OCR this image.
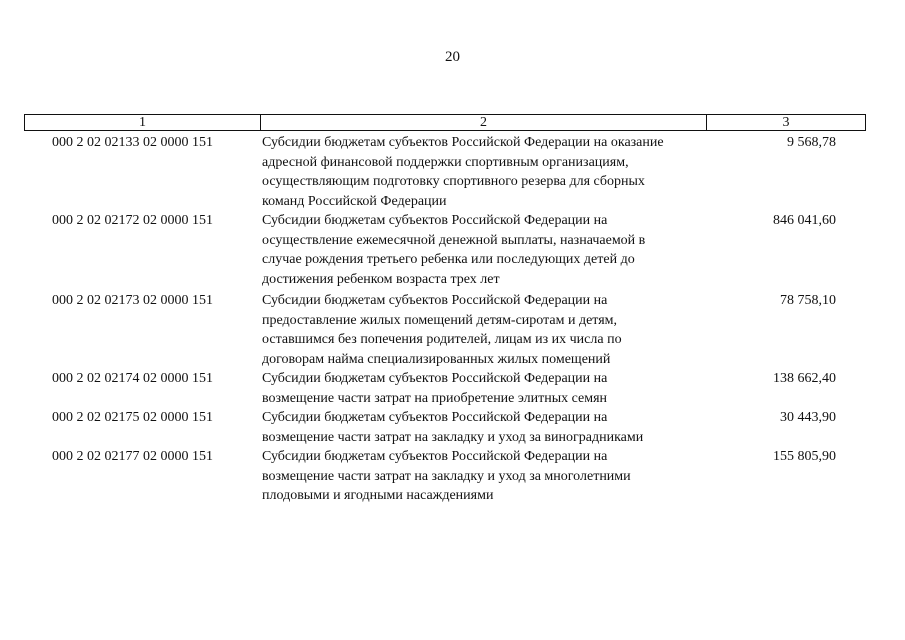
20
1	2	3
000 2 02 02133 02 0000 151	Субсидии бюджетам субъектов Российской Федерации на оказание
адресной финансовой поддержки спортивным организациям,
осуществляющим подготовку спортивного резерва для сборных
команд Российской Федерации
9 568,78
000 2 02 02172 02 0000 151	Субсидии бюджетам субъектов Российской Федерации на
осуществление ежемесячной денежной выплаты, назначаемой в
случае рождения третьего ребенка или последующих детей до
достижения ребенком возраста трех лет
846 041,60
000 2 02 02173 02 0000 151	Субсидии бюджетам субъектов Российской Федерации на
предоставление жилых помещений детям-сиротам и детям,
оставшимся без попечения родителей, лицам из их числа по
договорам найма специализированных жилых помещений
78 758,10
000 2 02 02174 02 0000 151	Субсидии бюджетам субъектов Российской Федерации на
возмещение части затрат на приобретение элитных семян
138 662,40
000 2 02 02175 02 0000 151	Субсидии бюджетам субъектов Российской Федерации на
возмещение части затрат на закладку и уход за виноградниками
30 443,90
000 2 02 02177 02 0000 151	Субсидии бюджетам субъектов Российской Федерации на
возмещение части затрат на закладку и уход за многолетними
плодовыми и ягодными насаждениями
155 805,90
